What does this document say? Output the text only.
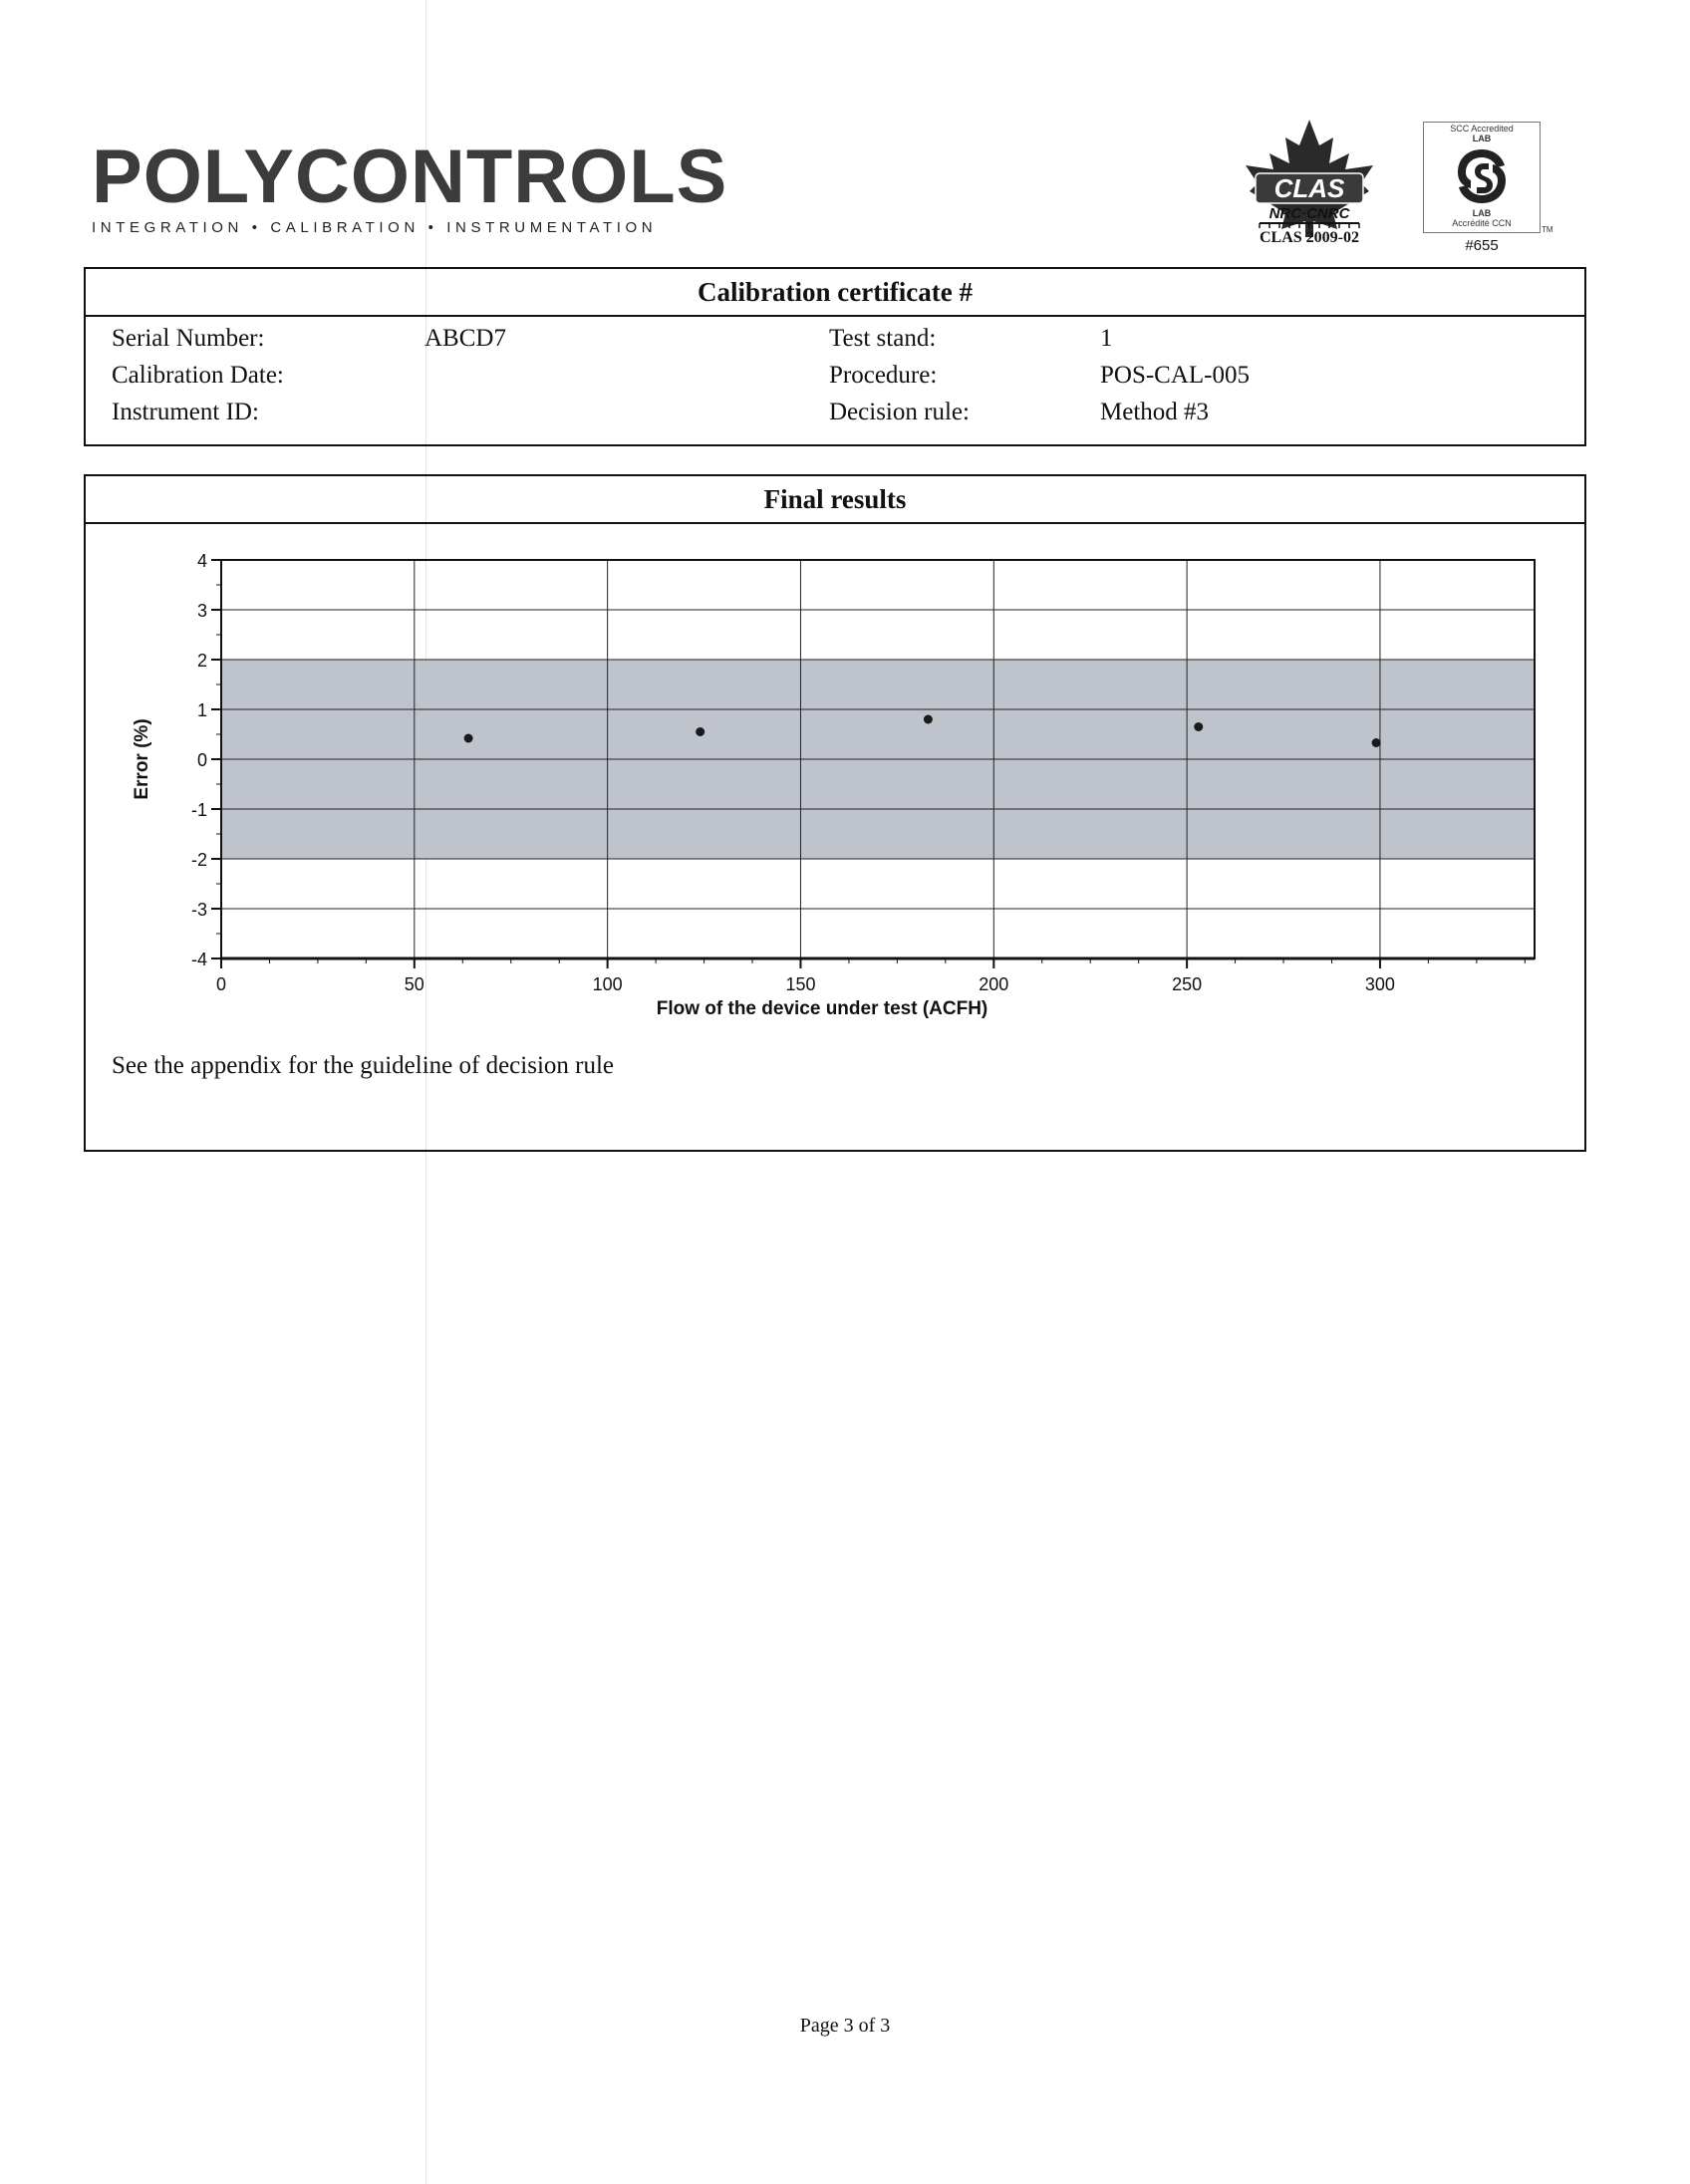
POLYCONTROLS
INTEGRATION • CALIBRATION • INSTRUMENTATION
CLAS
NRC·CNRC
CLAS 2009-02
SCC Accredited
LAB
LAB
Accrédité CCN
#655
TM
Calibration certificate #
Serial Number:	ABCD7
Calibration Date:
Instrument ID:
Test stand:	1
Procedure:	POS-CAL-005
Decision rule:	Method #3
Final results
4
3
2
1
0
-1
-2
-3
-4
0	50	100	150	200	250	300
Flow of the device under test (ACFH)
Error (%)
See the appendix for the guideline of decision rule
Page 3 of 3
